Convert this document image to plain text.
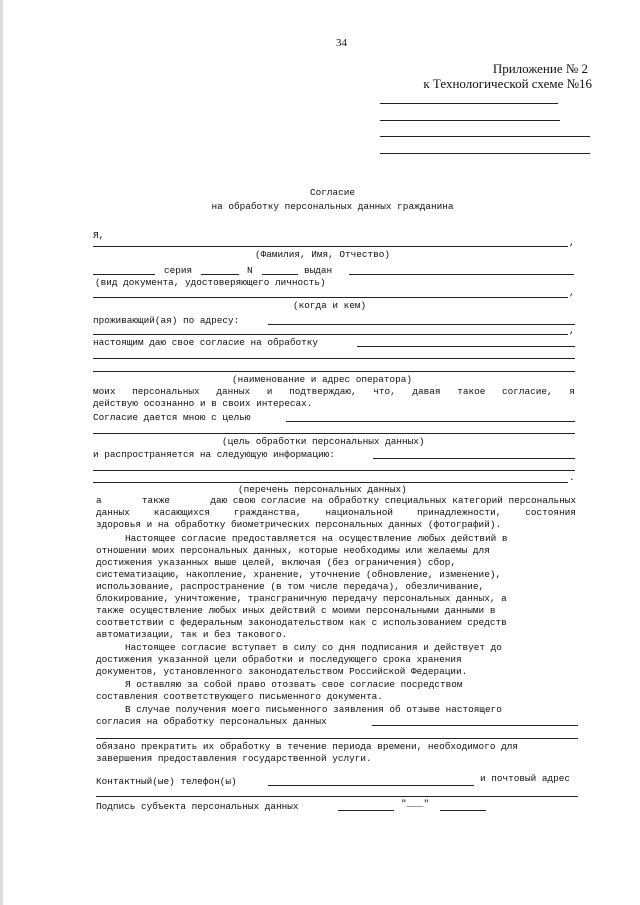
34
Приложение № 2
к Технологической схеме №16
Согласие
на обработку персональных данных гражданина
Я,
,
(Фамилия, Имя, Отчество)
серия	N	выдан
(вид документа, удостоверяющего личность)
,
(когда и кем)
проживающий(ая) по адресу:
,
настоящим даю свое согласие на обработку
(наименование и адрес оператора)
моих персональных данных и подтверждаю, что, давая такое согласие, я
действую осознанно и в своих интересах.
Согласие дается мною с целью
(цель обработки персональных данных)
и распространяется на следующую информацию:
.
(перечень персональных данных)
а	также	даю свою согласие на обработку специальных категорий персональных
данных	касающихся	гражданства,	национальной	принадлежности,	состояния
здоровья и на обработку биометрических персональных данных (фотографий).
Настоящее согласие предоставляется на осуществление любых действий в
отношении моих персональных данных, которые необходимы или желаемы для
достижения указанных выше целей, включая (без ограничения) сбор,
систематизацию, накопление, хранение, уточнение (обновление, изменение),
использование, распространение (в том числе передача), обезличивание,
блокирование, уничтожение, трансграничную передачу персональных данных, а
также осуществление любых иных действий с моими персональными данными в
соответствии с федеральным законодательством как с использованием средств
автоматизации, так и без такового.
Настоящее согласие вступает в силу со дня подписания и действует до
достижения указанной цели обработки и последующего срока хранения
документов, установленного законодательством Российской Федерации.
Я оставляю за собой право отозвать свое согласие посредством
составления соответствующего письменного документа.
В случае получения моего письменного заявления об отзыве настоящего
согласия на обработку персональных данных
обязано прекратить их обработку в течение периода времени, необходимого для
завершения предоставления государственной услуги.
Контактный(ые) телефон(ы)	и почтовый адрес
Подпись субъекта персональных данных	"___"
